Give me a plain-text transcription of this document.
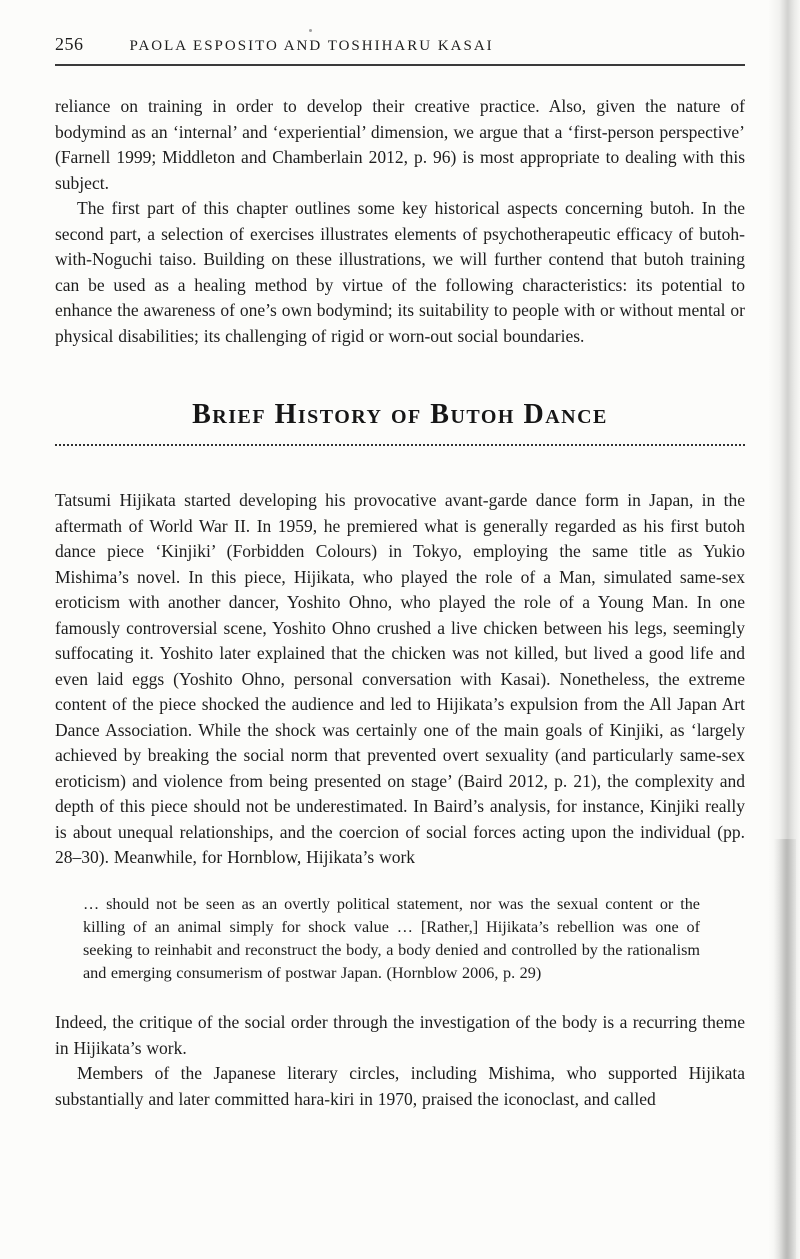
256	PAOLA ESPOSITO AND TOSHIHARU KASAI

reliance on training in order to develop their creative practice. Also, given the nature of bodymind as an ‘internal’ and ‘experiential’ dimension, we argue that a ‘first-person perspective’ (Farnell 1999; Middleton and Chamberlain 2012, p. 96) is most appropriate to dealing with this subject.

The first part of this chapter outlines some key historical aspects concerning butoh. In the second part, a selection of exercises illustrates elements of psychotherapeutic efficacy of butoh-with-Noguchi taiso. Building on these illustrations, we will further contend that butoh training can be used as a healing method by virtue of the following characteristics: its potential to enhance the awareness of one’s own bodymind; its suitability to people with or without mental or physical disabilities; its challenging of rigid or worn-out social boundaries.

Brief History of Butoh Dance

Tatsumi Hijikata started developing his provocative avant-garde dance form in Japan, in the aftermath of World War II. In 1959, he premiered what is generally regarded as his first butoh dance piece ‘Kinjiki’ (Forbidden Colours) in Tokyo, employing the same title as Yukio Mishima’s novel. In this piece, Hijikata, who played the role of a Man, simulated same-sex eroticism with another dancer, Yoshito Ohno, who played the role of a Young Man. In one famously controversial scene, Yoshito Ohno crushed a live chicken between his legs, seemingly suffocating it. Yoshito later explained that the chicken was not killed, but lived a good life and even laid eggs (Yoshito Ohno, personal conversation with Kasai). Nonetheless, the extreme content of the piece shocked the audience and led to Hijikata’s expulsion from the All Japan Art Dance Association. While the shock was certainly one of the main goals of Kinjiki, as ‘largely achieved by breaking the social norm that prevented overt sexuality (and particularly same-sex eroticism) and violence from being presented on stage’ (Baird 2012, p. 21), the complexity and depth of this piece should not be underestimated. In Baird’s analysis, for instance, Kinjiki really is about unequal relationships, and the coercion of social forces acting upon the individual (pp. 28–30). Meanwhile, for Hornblow, Hijikata’s work

… should not be seen as an overtly political statement, nor was the sexual content or the killing of an animal simply for shock value … [Rather,] Hijikata’s rebellion was one of seeking to reinhabit and reconstruct the body, a body denied and controlled by the rationalism and emerging consumerism of postwar Japan. (Hornblow 2006, p. 29)

Indeed, the critique of the social order through the investigation of the body is a recurring theme in Hijikata’s work.

Members of the Japanese literary circles, including Mishima, who supported Hijikata substantially and later committed hara-kiri in 1970, praised the iconoclast, and called
